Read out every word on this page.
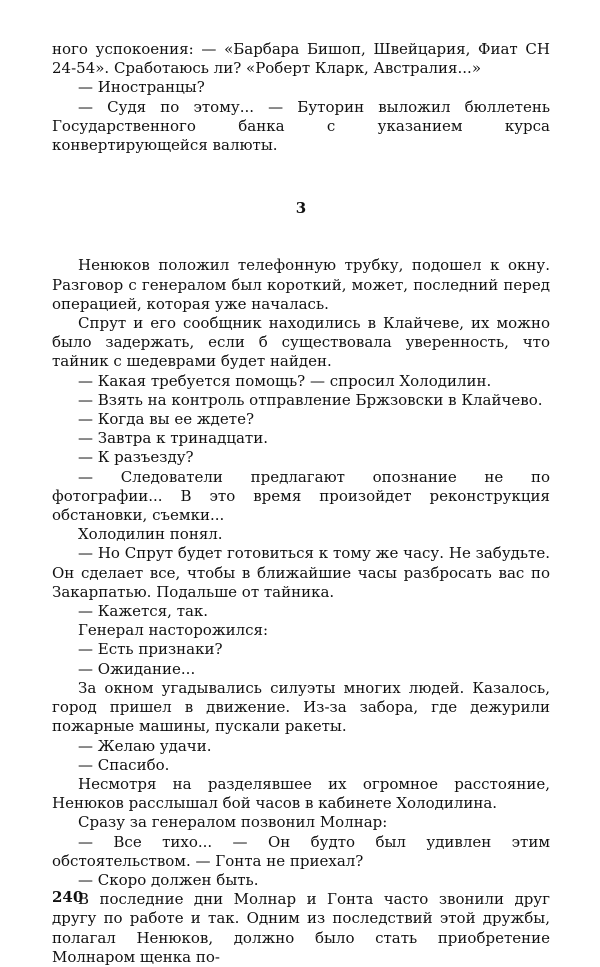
ного успокоения: — «Барбара Бишоп, Швейцария, Фиат CH 24-54». Сработаюсь ли? «Роберт Кларк, Австралия...»

— Иностранцы?

— Судя по этому... — Буторин выложил бюллетень Государственного банка с указанием курса конвертирующейся валюты.

3

Ненюков положил телефонную трубку, подошел к окну. Разговор с генералом был короткий, может, последний перед операцией, которая уже началась.

Спрут и его сообщник находились в Клайчеве, их можно было задержать, если б существовала уверенность, что тайник с шедеврами будет найден.

— Какая требуется помощь? — спросил Холодилин.

— Взять на контроль отправление Бржзовски в Клайчево.

— Когда вы ее ждете?

— Завтра к тринадцати.

— К разъезду?

— Следователи предлагают опознание не по фотографии... В это время произойдет реконструкция обстановки, съемки...

Холодилин понял.

— Но Спрут будет готовиться к тому же часу. Не забудьте. Он сделает все, чтобы в ближайшие часы разбросать вас по Закарпатью. Подальше от тайника.

— Кажется, так.

Генерал насторожился:

— Есть признаки?

— Ожидание...

За окном угадывались силуэты многих людей. Казалось, город пришел в движение. Из-за забора, где дежурили пожарные машины, пускали ракеты.

— Желаю удачи.

— Спасибо.

Несмотря на разделявшее их огромное расстояние, Ненюков расслышал бой часов в кабинете Холодилина.

Сразу за генералом позвонил Молнар:

— Все тихо... — Он будто был удивлен этим обстоятельством. — Гонта не приехал?

— Скоро должен быть.

В последние дни Молнар и Гонта часто звонили друг другу по работе и так. Одним из последствий этой дружбы, полагал Ненюков, должно было стать приобретение Молнаром щенка по-

240
